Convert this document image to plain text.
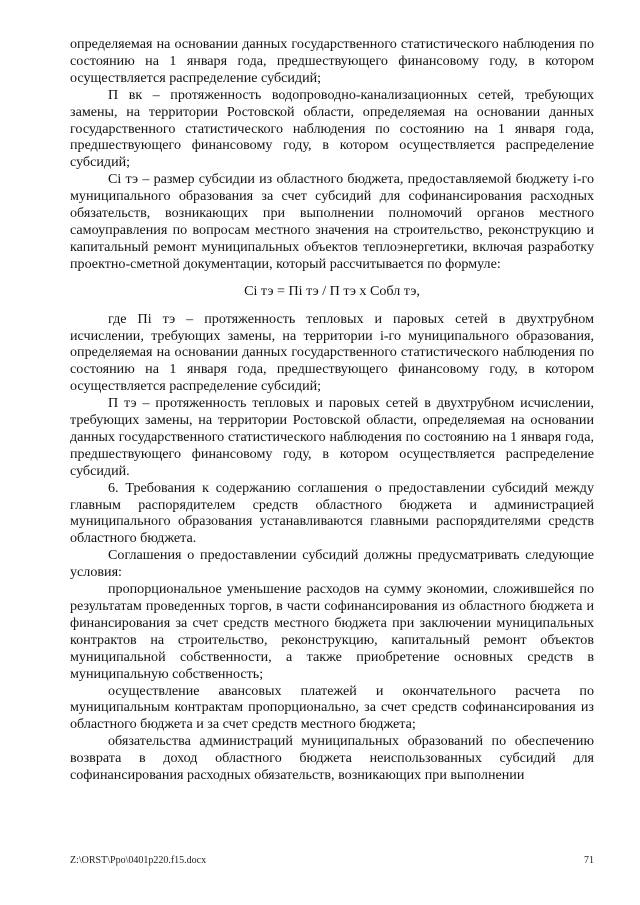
определяемая на основании данных государственного статистического наблюдения по состоянию на 1 января года, предшествующего финансовому году, в котором осуществляется распределение субсидий;

П вк – протяженность водопроводно-канализационных сетей, требующих замены, на территории Ростовской области, определяемая на основании данных государственного статистического наблюдения по состоянию на 1 января года, предшествующего финансовому году, в котором осуществляется распределение субсидий;

Сi тэ – размер субсидии из областного бюджета, предоставляемой бюджету i-го муниципального образования за счет субсидий для софинансирования расходных обязательств, возникающих при выполнении полномочий органов местного самоуправления по вопросам местного значения на строительство, реконструкцию и капитальный ремонт муниципальных объектов теплоэнергетики, включая разработку проектно-сметной документации, который рассчитывается по формуле:

Сi тэ = Пi тэ / П тэ х Собл тэ,

где Пi тэ – протяженность тепловых и паровых сетей в двухтрубном исчислении, требующих замены, на территории i-го муниципального образования, определяемая на основании данных государственного статистического наблюдения по состоянию на 1 января года, предшествующего финансовому году, в котором осуществляется распределение субсидий;

П тэ – протяженность тепловых и паровых сетей в двухтрубном исчислении, требующих замены, на территории Ростовской области, определяемая на основании данных государственного статистического наблюдения по состоянию на 1 января года, предшествующего финансовому году, в котором осуществляется распределение субсидий.

6. Требования к содержанию соглашения о предоставлении субсидий между главным распорядителем средств областного бюджета и администрацией муниципального образования устанавливаются главными распорядителями средств областного бюджета.

Соглашения о предоставлении субсидий должны предусматривать следующие условия:

пропорциональное уменьшение расходов на сумму экономии, сложившейся по результатам проведенных торгов, в части софинансирования из областного бюджета и финансирования за счет средств местного бюджета при заключении муниципальных контрактов на строительство, реконструкцию, капитальный ремонт объектов муниципальной собственности, а также приобретение основных средств в муниципальную собственность;

осуществление авансовых платежей и окончательного расчета по муниципальным контрактам пропорционально, за счет средств софинансирования из областного бюджета и за счет средств местного бюджета;

обязательства администраций муниципальных образований по обеспечению возврата в доход областного бюджета неиспользованных субсидий для софинансирования расходных обязательств, возникающих при выполнении

Z:\ORST\Ppo\0401p220.f15.docx	71
